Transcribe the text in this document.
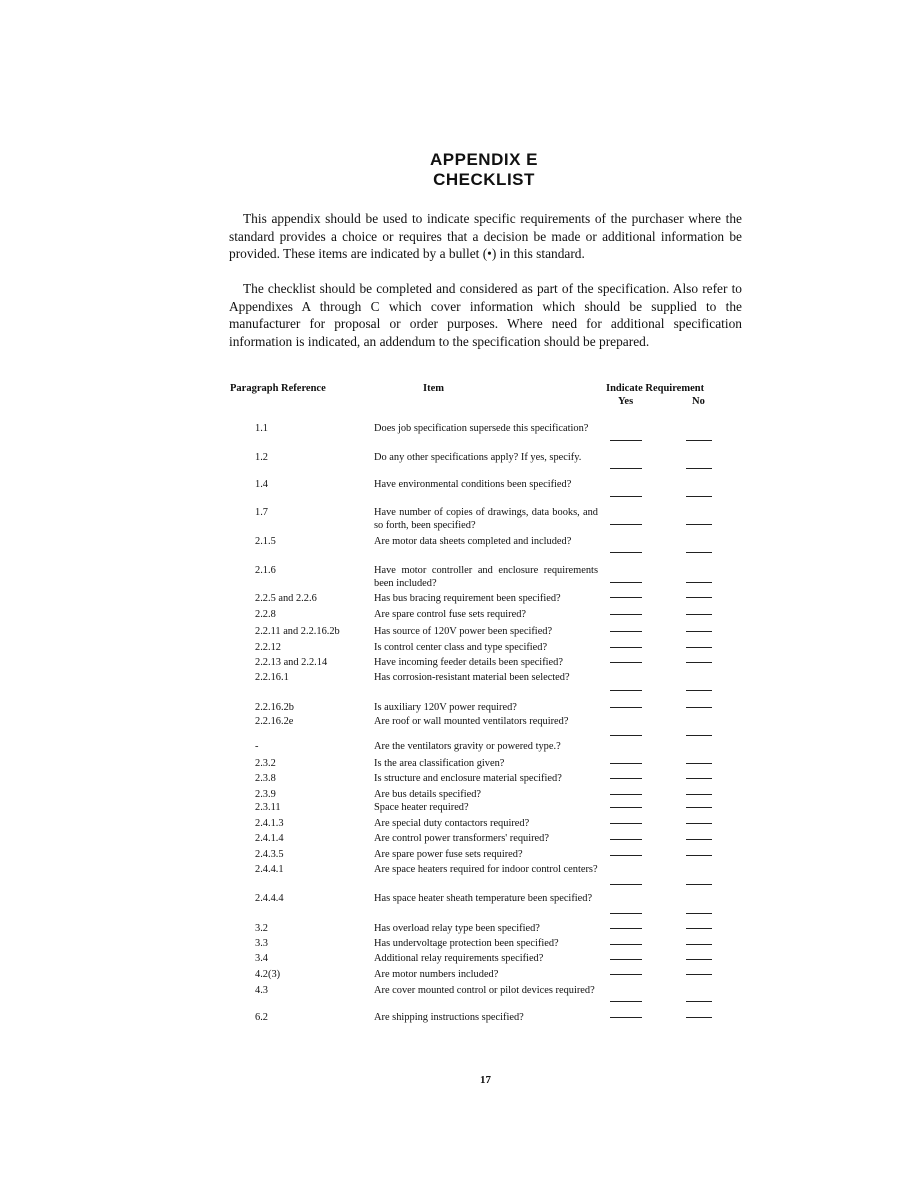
APPENDIX E
CHECKLIST

This appendix should be used to indicate specific requirements of the purchaser where the standard provides a choice or requires that a decision be made or additional information be provided. These items are indicated by a bullet (•) in this standard.

The checklist should be completed and considered as part of the specification. Also refer to Appendixes A through C which cover information which should be supplied to the manufacturer for proposal or order purposes. Where need for additional specification information is indicated, an addendum to the specification should be prepared.

Paragraph Reference	Item	Indicate Requirement
Yes	No
1.1	Does job specification supersede this specification?
1.2	Do any other specifications apply? If yes, specify.
1.4	Have environmental conditions been specified?
1.7	Have number of copies of drawings, data books, and so forth, been specified?
2.1.5	Are motor data sheets completed and included?
2.1.6	Have motor controller and enclosure requirements been included?
2.2.5 and 2.2.6	Has bus bracing requirement been specified?
2.2.8	Are spare control fuse sets required?
2.2.11 and 2.2.16.2b	Has source of 120V power been specified?
2.2.12	Is control center class and type specified?
2.2.13 and 2.2.14	Have incoming feeder details been specified?
2.2.16.1	Has corrosion-resistant material been selected?
2.2.16.2b	Is auxiliary 120V power required?
2.2.16.2e	Are roof or wall mounted ventilators required?
-	Are the ventilators gravity or powered type.?
2.3.2	Is the area classification given?
2.3.8	Is structure and enclosure material specified?
2.3.9	Are bus details specified?
2.3.11	Space heater required?
2.4.1.3	Are special duty contactors required?
2.4.1.4	Are control power transformers' required?
2.4.3.5	Are spare power fuse sets required?
2.4.4.1	Are space heaters required for indoor control centers?
2.4.4.4	Has space heater sheath temperature been specified?
3.2	Has overload relay type been specified?
3.3	Has undervoltage protection been specified?
3.4	Additional relay requirements specified?
4.2(3)	Are motor numbers included?
4.3	Are cover mounted control or pilot devices required?
6.2	Are shipping instructions specified?
17
